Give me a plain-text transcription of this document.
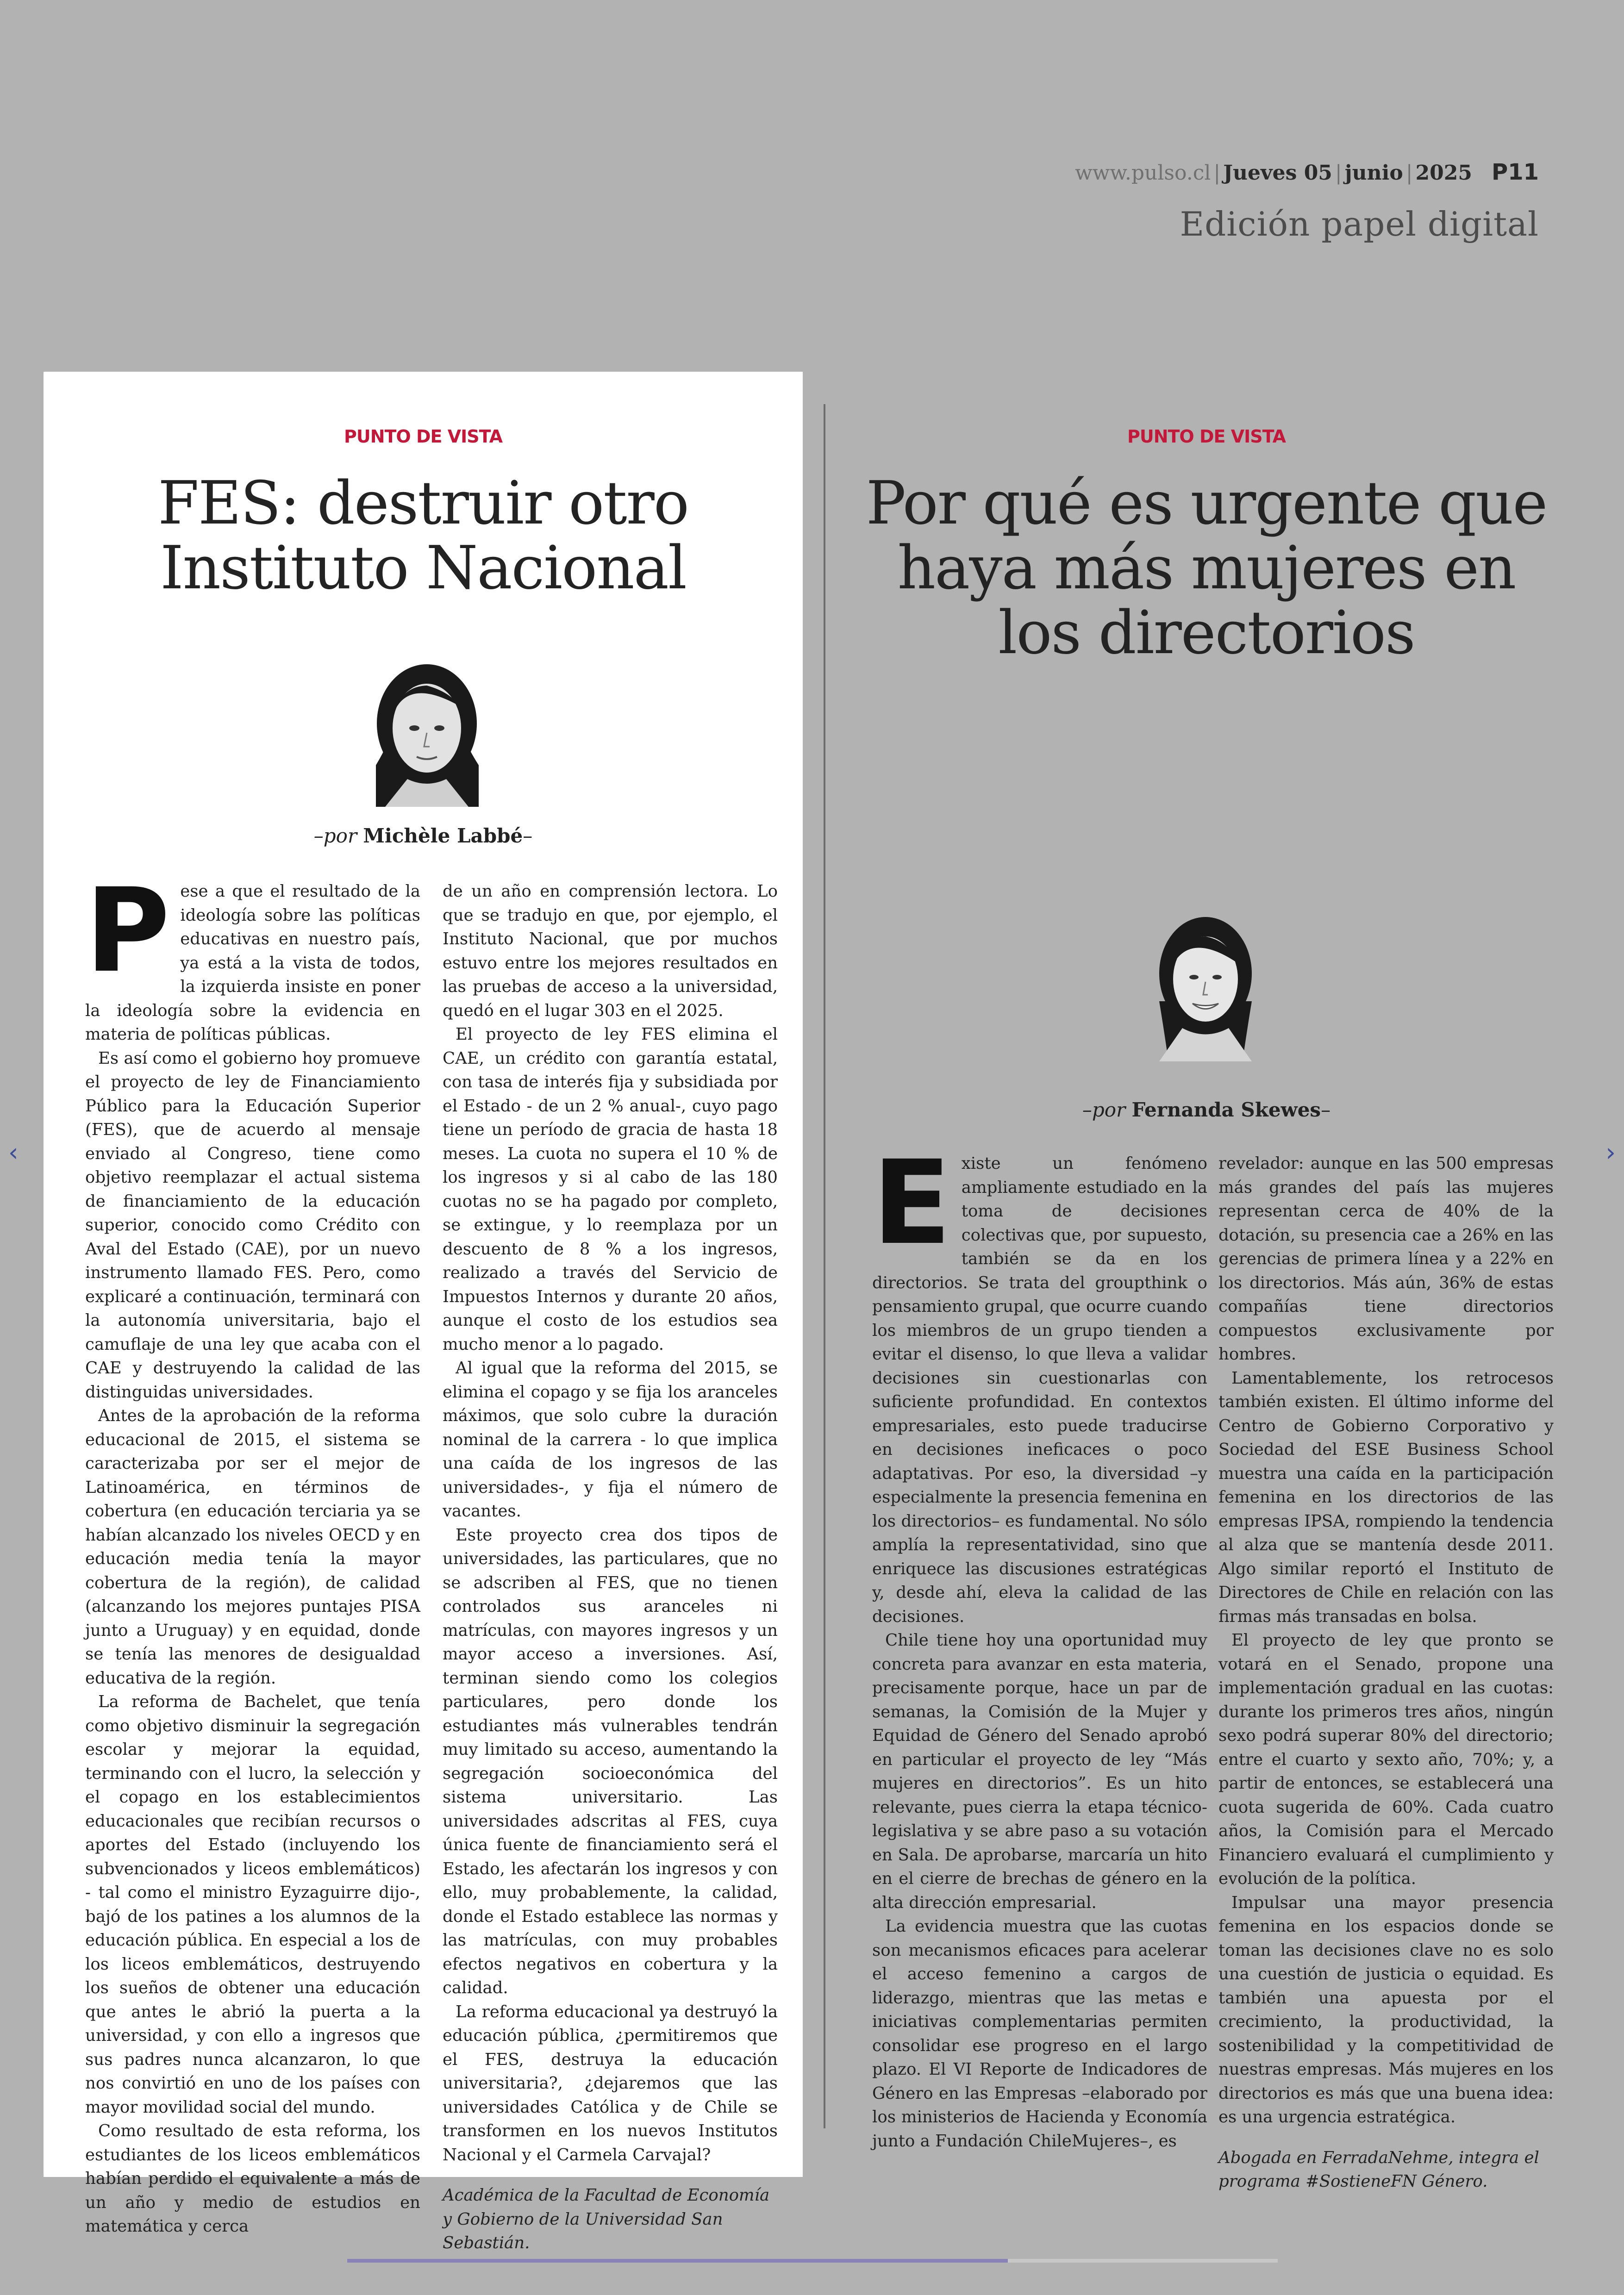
www.pulso.cl | Jueves 05 | junio | 2025 P11
Edición papel digital
PUNTO DE VISTA
FES: destruir otro
Instituto Nacional
–por Michèle Labbé–
P ese a que el resultado de la ideología sobre las políticas educativas en nuestro país, ya está a la vista de todos, la izquierda insiste en poner la ideología sobre la evidencia en materia de políticas públicas.

Es así como el gobierno hoy promueve el proyecto de ley de Financiamiento Público para la Educación Superior (FES), que de acuerdo al mensaje enviado al Congreso, tiene como objetivo reemplazar el actual sistema de financiamiento de la educación superior, conocido como Crédito con Aval del Estado (CAE), por un nuevo instrumento llamado FES. Pero, como explicaré a continuación, terminará con la autonomía universitaria, bajo el camuflaje de una ley que acaba con el CAE y destruyendo la calidad de las distinguidas universidades.

Antes de la aprobación de la reforma educacional de 2015, el sistema se caracterizaba por ser el mejor de Latinoamérica, en términos de cobertura (en educación terciaria ya se habían alcanzado los niveles OECD y en educación media tenía la mayor cobertura de la región), de calidad (alcanzando los mejores puntajes PISA junto a Uruguay) y en equidad, donde se tenía las menores de desigualdad educativa de la región.

La reforma de Bachelet, que tenía como objetivo disminuir la segregación escolar y mejorar la equidad, terminando con el lucro, la selección y el copago en los establecimientos educacionales que recibían recursos o aportes del Estado (incluyendo los subvencionados y liceos emblemáticos) - tal como el ministro Eyzaguirre dijo-, bajó de los patines a los alumnos de la educación pública. En especial a los de los liceos emblemáticos, destruyendo los sueños de obtener una educación que antes le abrió la puerta a la universidad, y con ello a ingresos que sus padres nunca alcanzaron, lo que nos convirtió en uno de los países con mayor movilidad social del mundo.

Como resultado de esta reforma, los estudiantes de los liceos emblemáticos habían perdido el equivalente a más de un año y medio de estudios en matemática y cerca

de un año en comprensión lectora. Lo que se tradujo en que, por ejemplo, el Instituto Nacional, que por muchos estuvo entre los mejores resultados en las pruebas de acceso a la universidad, quedó en el lugar 303 en el 2025.

El proyecto de ley FES elimina el CAE, un crédito con garantía estatal, con tasa de interés fija y subsidiada por el Estado - de un 2 % anual-, cuyo pago tiene un período de gracia de hasta 18 meses. La cuota no supera el 10 % de los ingresos y si al cabo de las 180 cuotas no se ha pagado por completo, se extingue, y lo reemplaza por un descuento de 8 % a los ingresos, realizado a través del Servicio de Impuestos Internos y durante 20 años, aunque el costo de los estudios sea mucho menor a lo pagado.

Al igual que la reforma del 2015, se elimina el copago y se fija los aranceles máximos, que solo cubre la duración nominal de la carrera - lo que implica una caída de los ingresos de las universidades-, y fija el número de vacantes.

Este proyecto crea dos tipos de universidades, las particulares, que no se adscriben al FES, que no tienen controlados sus aranceles ni matrículas, con mayores ingresos y un mayor acceso a inversiones. Así, terminan siendo como los colegios particulares, pero donde los estudiantes más vulnerables tendrán muy limitado su acceso, aumentando la segregación socioeconómica del sistema universitario. Las universidades adscritas al FES, cuya única fuente de financiamiento será el Estado, les afectarán los ingresos y con ello, muy probablemente, la calidad, donde el Estado establece las normas y las matrículas, con muy probables efectos negativos en cobertura y la calidad.

La reforma educacional ya destruyó la educación pública, ¿permitiremos que el FES, destruya la educación universitaria?, ¿dejaremos que las universidades Católica y de Chile se transformen en los nuevos Institutos Nacional y el Carmela Carvajal?

Académica de la Facultad de Economía y Gobierno de la Universidad San Sebastián.

PUNTO DE VISTA
Por qué es urgente que
haya más mujeres en
los directorios
–por Fernanda Skewes–
E xiste un fenómeno ampliamente estudiado en la toma de decisiones colectivas que, por supuesto, también se da en los directorios. Se trata del groupthink o pensamiento grupal, que ocurre cuando los miembros de un grupo tienden a evitar el disenso, lo que lleva a validar decisiones sin cuestionarlas con suficiente profundidad. En contextos empresariales, esto puede traducirse en decisiones ineficaces o poco adaptativas. Por eso, la diversidad –y especialmente la presencia femenina en los directorios– es fundamental. No sólo amplía la representatividad, sino que enriquece las discusiones estratégicas y, desde ahí, eleva la calidad de las decisiones.

Chile tiene hoy una oportunidad muy concreta para avanzar en esta materia, precisamente porque, hace un par de semanas, la Comisión de la Mujer y Equidad de Género del Senado aprobó en particular el proyecto de ley “Más mujeres en directorios”. Es un hito relevante, pues cierra la etapa técnico-legislativa y se abre paso a su votación en Sala. De aprobarse, marcaría un hito en el cierre de brechas de género en la alta dirección empresarial.

La evidencia muestra que las cuotas son mecanismos eficaces para acelerar el acceso femenino a cargos de liderazgo, mientras que las metas e iniciativas complementarias permiten consolidar ese progreso en el largo plazo. El VI Reporte de Indicadores de Género en las Empresas –elaborado por los ministerios de Hacienda y Economía junto a Fundación ChileMujeres–, es

revelador: aunque en las 500 empresas más grandes del país las mujeres representan cerca de 40% de la dotación, su presencia cae a 26% en las gerencias de primera línea y a 22% en los directorios. Más aún, 36% de estas compañías tiene directorios compuestos exclusivamente por hombres.

Lamentablemente, los retrocesos también existen. El último informe del Centro de Gobierno Corporativo y Sociedad del ESE Business School muestra una caída en la participación femenina en los directorios de las empresas IPSA, rompiendo la tendencia al alza que se mantenía desde 2011. Algo similar reportó el Instituto de Directores de Chile en relación con las firmas más transadas en bolsa.

El proyecto de ley que pronto se votará en el Senado, propone una implementación gradual en las cuotas: durante los primeros tres años, ningún sexo podrá superar 80% del directorio; entre el cuarto y sexto año, 70%; y, a partir de entonces, se establecerá una cuota sugerida de 60%. Cada cuatro años, la Comisión para el Mercado Financiero evaluará el cumplimiento y evolución de la política.

Impulsar una mayor presencia femenina en los espacios donde se toman las decisiones clave no es solo una cuestión de justicia o equidad. Es también una apuesta por el crecimiento, la productividad, la sostenibilidad y la competitividad de nuestras empresas. Más mujeres en los directorios es más que una buena idea: es una urgencia estratégica.

Abogada en FerradaNehme, integra el programa #SostieneFN Género.

‹	›
